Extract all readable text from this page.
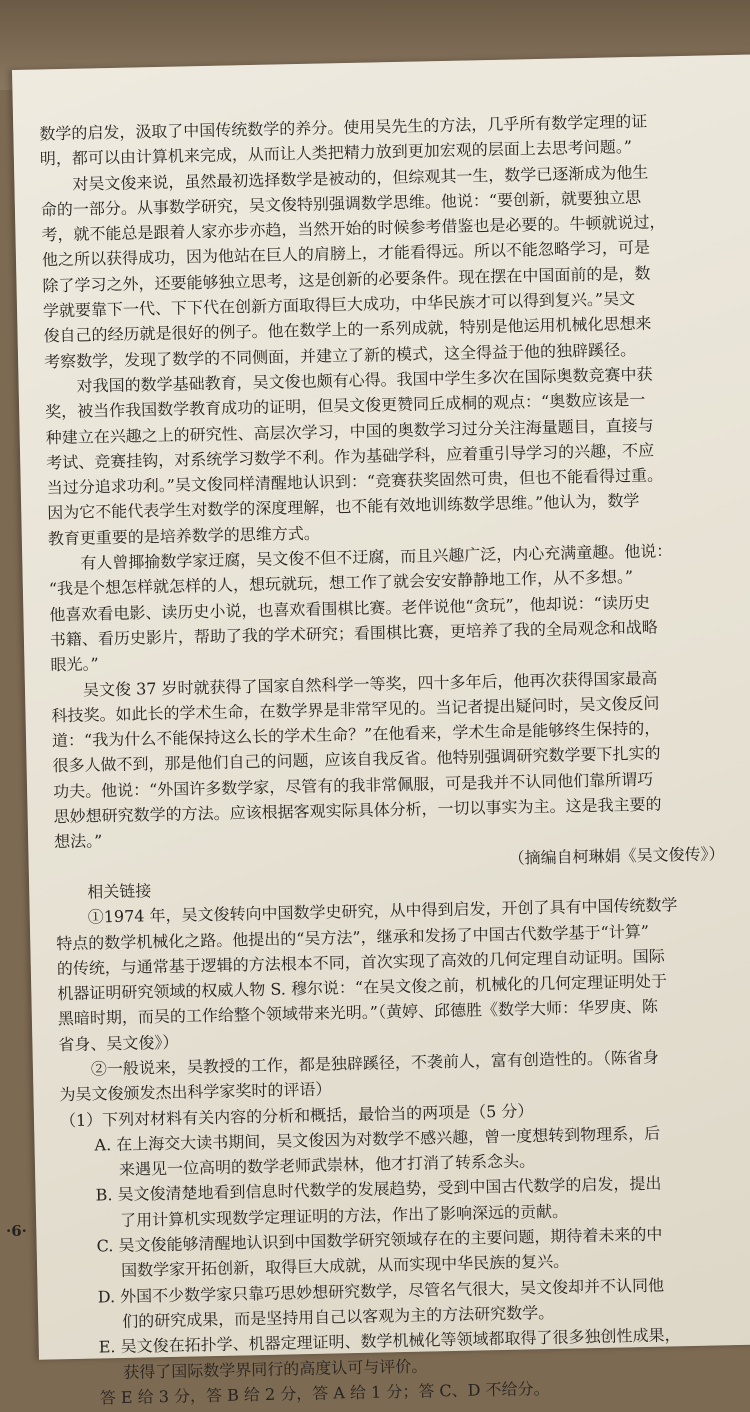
数学的启发，汲取了中国传统数学的养分。使用吴先生的方法，几乎所有数学定理的证
明，都可以由计算机来完成，从而让人类把精力放到更加宏观的层面上去思考问题。”
对吴文俊来说，虽然最初选择数学是被动的，但综观其一生，数学已逐渐成为他生
命的一部分。从事数学研究，吴文俊特别强调数学思维。他说：“要创新，就要独立思
考，就不能总是跟着人家亦步亦趋，当然开始的时候参考借鉴也是必要的。牛顿就说过，
他之所以获得成功，因为他站在巨人的肩膀上，才能看得远。所以不能忽略学习，可是
除了学习之外，还要能够独立思考，这是创新的必要条件。现在摆在中国面前的是，数
学就要靠下一代、下下代在创新方面取得巨大成功，中华民族才可以得到复兴。”吴文
俊自己的经历就是很好的例子。他在数学上的一系列成就，特别是他运用机械化思想来
考察数学，发现了数学的不同侧面，并建立了新的模式，这全得益于他的独辟蹊径。
对我国的数学基础教育，吴文俊也颇有心得。我国中学生多次在国际奥数竞赛中获
奖，被当作我国数学教育成功的证明，但吴文俊更赞同丘成桐的观点：“奥数应该是一
种建立在兴趣之上的研究性、高层次学习，中国的奥数学习过分关注海量题目，直接与
考试、竞赛挂钩，对系统学习数学不利。作为基础学科，应着重引导学习的兴趣，不应
当过分追求功利。”吴文俊同样清醒地认识到：“竞赛获奖固然可贵，但也不能看得过重。
因为它不能代表学生对数学的深度理解，也不能有效地训练数学思维。”他认为，数学
教育更重要的是培养数学的思维方式。
有人曾揶揄数学家迂腐，吴文俊不但不迂腐，而且兴趣广泛，内心充满童趣。他说：
“我是个想怎样就怎样的人，想玩就玩，想工作了就会安安静静地工作，从不多想。”
他喜欢看电影、读历史小说，也喜欢看围棋比赛。老伴说他“贪玩”，他却说：“读历史
书籍、看历史影片，帮助了我的学术研究；看围棋比赛，更培养了我的全局观念和战略
眼光。”
吴文俊 37 岁时就获得了国家自然科学一等奖，四十多年后，他再次获得国家最高
科技奖。如此长的学术生命，在数学界是非常罕见的。当记者提出疑问时，吴文俊反问
道：“我为什么不能保持这么长的学术生命？”在他看来，学术生命是能够终生保持的，
很多人做不到，那是他们自己的问题，应该自我反省。他特别强调研究数学要下扎实的
功夫。他说：“外国许多数学家，尽管有的我非常佩服，可是我并不认同他们靠所谓巧
思妙想研究数学的方法。应该根据客观实际具体分析，一切以事实为主。这是我主要的
想法。”
（摘编自柯琳娟《吴文俊传》）
相关链接
①1974 年，吴文俊转向中国数学史研究，从中得到启发，开创了具有中国传统数学
特点的数学机械化之路。他提出的“吴方法”，继承和发扬了中国古代数学基于“计算”
的传统，与通常基于逻辑的方法根本不同，首次实现了高效的几何定理自动证明。国际
机器证明研究领域的权威人物 S. 穆尔说：“在吴文俊之前，机械化的几何定理证明处于
黑暗时期，而吴的工作给整个领域带来光明。”（黄婷、邱德胜《数学大师：华罗庚、陈
省身、吴文俊》）
②一般说来，吴教授的工作，都是独辟蹊径，不袭前人，富有创造性的。（陈省身
为吴文俊颁发杰出科学家奖时的评语）
（1）下列对材料有关内容的分析和概括，最恰当的两项是（5 分）
A. 在上海交大读书期间，吴文俊因为对数学不感兴趣，曾一度想转到物理系，后
来遇见一位高明的数学老师武崇林，他才打消了转系念头。
B. 吴文俊清楚地看到信息时代数学的发展趋势，受到中国古代数学的启发，提出
了用计算机实现数学定理证明的方法，作出了影响深远的贡献。
C. 吴文俊能够清醒地认识到中国数学研究领域存在的主要问题，期待着未来的中
国数学家开拓创新，取得巨大成就，从而实现中华民族的复兴。
D. 外国不少数学家只靠巧思妙想研究数学，尽管名气很大，吴文俊却并不认同他
们的研究成果，而是坚持用自己以客观为主的方法研究数学。
E. 吴文俊在拓扑学、机器定理证明、数学机械化等领域都取得了很多独创性成果，
获得了国际数学界同行的高度认可与评价。
答 E 给 3 分，答 B 给 2 分，答 A 给 1 分；答 C、D 不给分。
·6·
